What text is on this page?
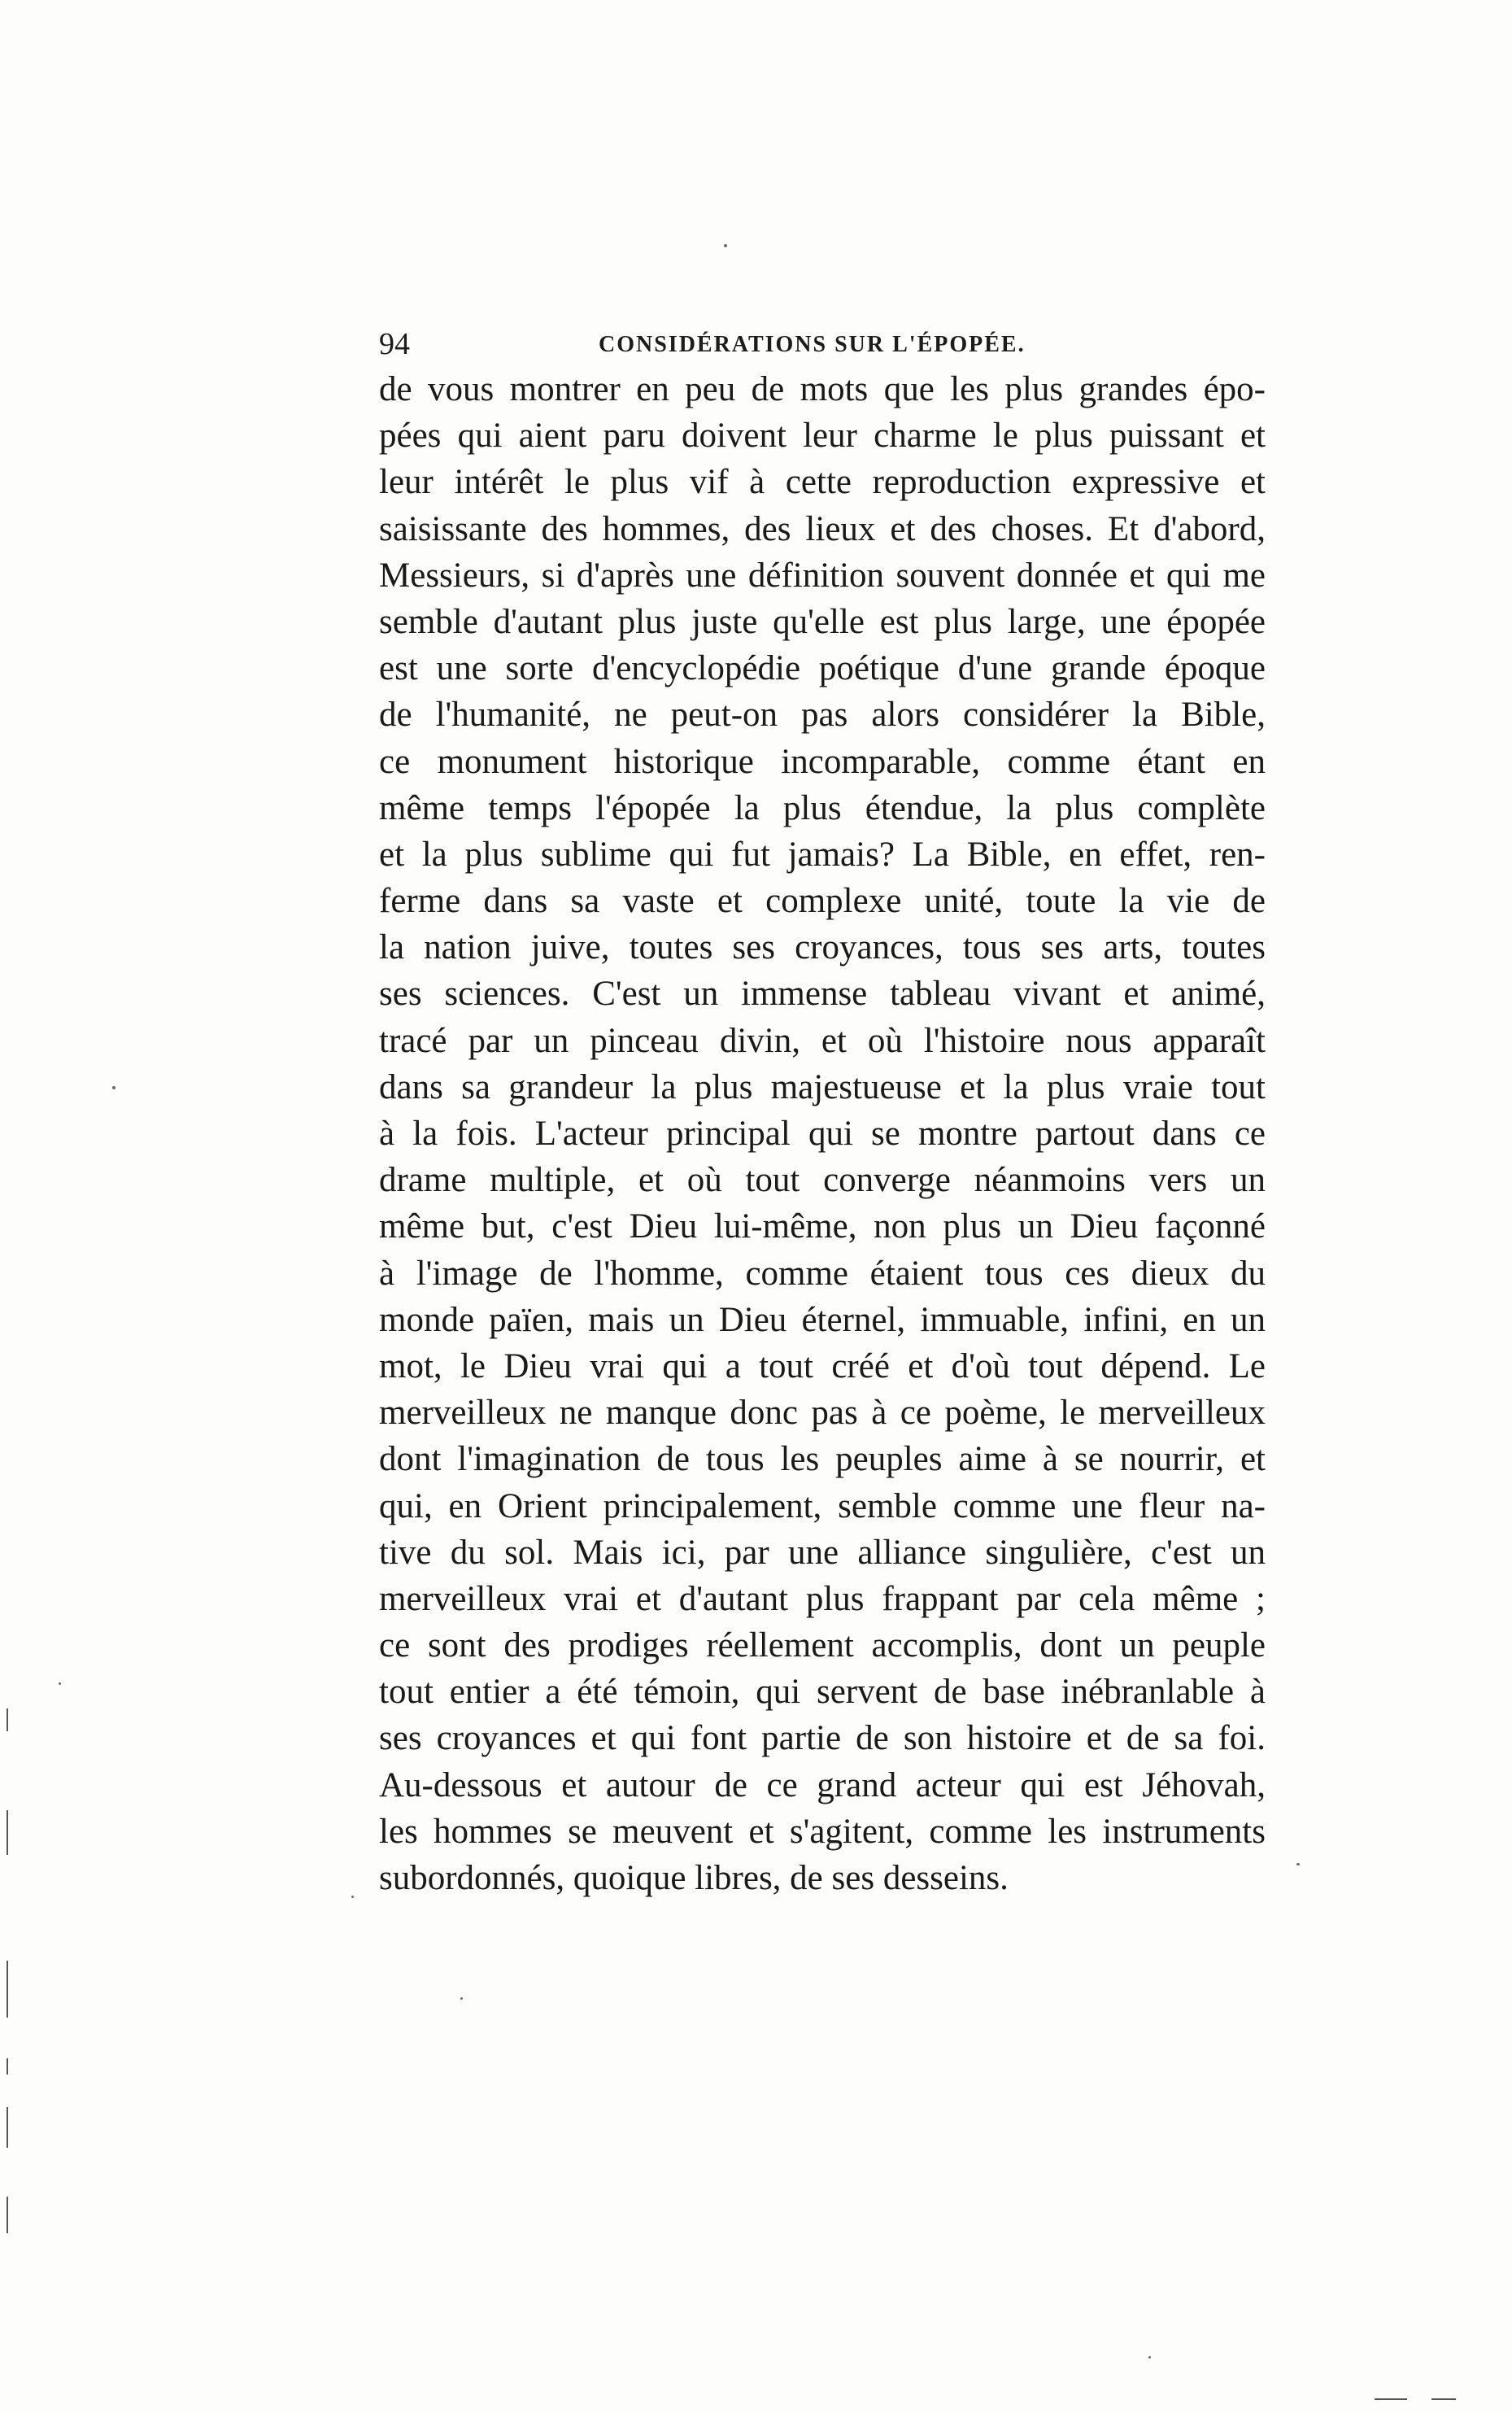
94	CONSIDÉRATIONS SUR L'ÉPOPÉE.
de vous montrer en peu de mots que les plus grandes épo-
pées qui aient paru doivent leur charme le plus puissant et
leur intérêt le plus vif à cette reproduction expressive et
saisissante des hommes, des lieux et des choses. Et d'abord,
Messieurs, si d'après une définition souvent donnée et qui me
semble d'autant plus juste qu'elle est plus large, une épopée
est une sorte d'encyclopédie poétique d'une grande époque
de l'humanité, ne peut-on pas alors considérer la Bible,
ce monument historique incomparable, comme étant en
même temps l'épopée la plus étendue, la plus complète
et la plus sublime qui fut jamais? La Bible, en effet, ren-
ferme dans sa vaste et complexe unité, toute la vie de
la nation juive, toutes ses croyances, tous ses arts, toutes
ses sciences. C'est un immense tableau vivant et animé,
tracé par un pinceau divin, et où l'histoire nous apparaît
dans sa grandeur la plus majestueuse et la plus vraie tout
à la fois. L'acteur principal qui se montre partout dans ce
drame multiple, et où tout converge néanmoins vers un
même but, c'est Dieu lui-même, non plus un Dieu façonné
à l'image de l'homme, comme étaient tous ces dieux du
monde païen, mais un Dieu éternel, immuable, infini, en un
mot, le Dieu vrai qui a tout créé et d'où tout dépend. Le
merveilleux ne manque donc pas à ce poème, le merveilleux
dont l'imagination de tous les peuples aime à se nourrir, et
qui, en Orient principalement, semble comme une fleur na-
tive du sol. Mais ici, par une alliance singulière, c'est un
merveilleux vrai et d'autant plus frappant par cela même ;
ce sont des prodiges réellement accomplis, dont un peuple
tout entier a été témoin, qui servent de base inébranlable à
ses croyances et qui font partie de son histoire et de sa foi.
Au-dessous et autour de ce grand acteur qui est Jéhovah,
les hommes se meuvent et s'agitent, comme les instruments
subordonnés, quoique libres, de ses desseins.
